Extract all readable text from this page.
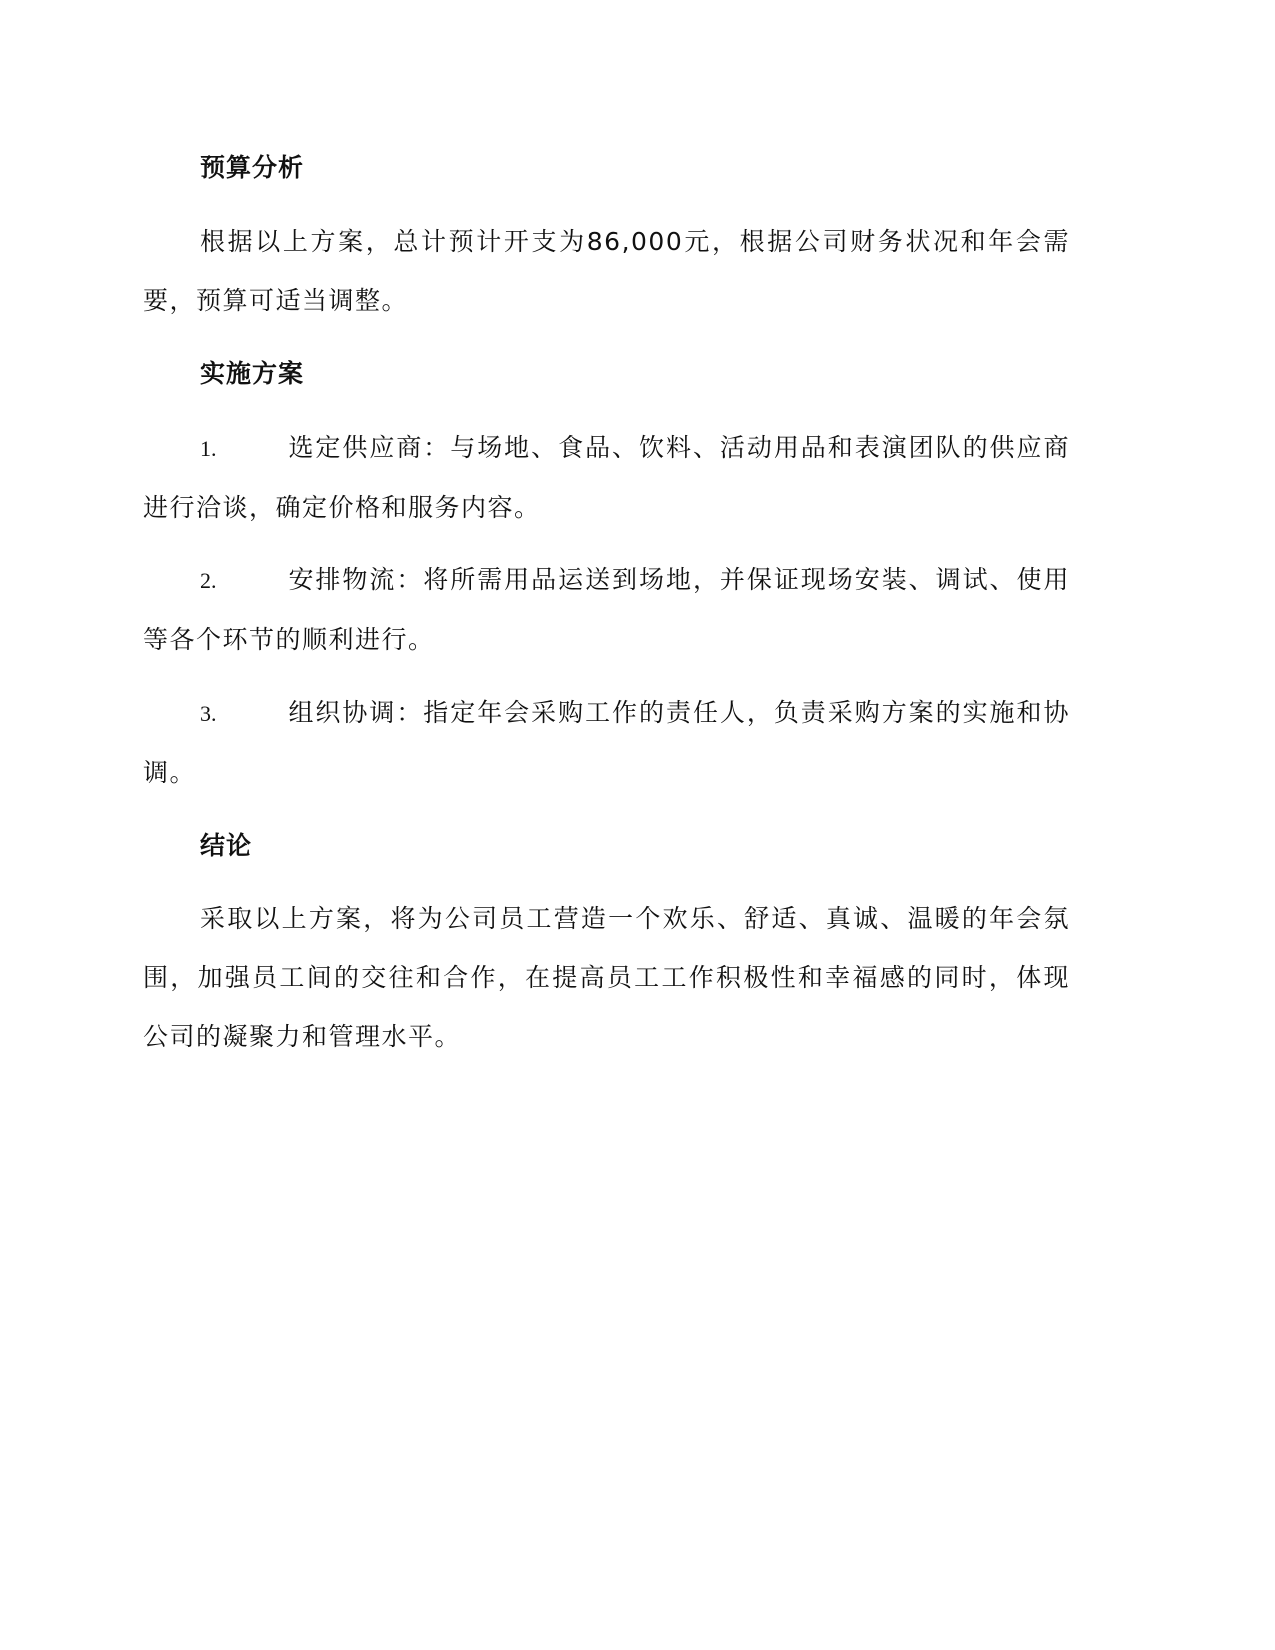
预算分析
根据以上方案，总计预计开支为86,000元，根据公司财务状况和年会需要，预算可适当调整。
实施方案
1.	选定供应商：与场地、食品、饮料、活动用品和表演团队的供应商进行洽谈，确定价格和服务内容。
2.	安排物流：将所需用品运送到场地，并保证现场安装、调试、使用等各个环节的顺利进行。
3.	组织协调：指定年会采购工作的责任人，负责采购方案的实施和协调。
结论
采取以上方案，将为公司员工营造一个欢乐、舒适、真诚、温暖的年会氛围，加强员工间的交往和合作，在提高员工工作积极性和幸福感的同时，体现公司的凝聚力和管理水平。
